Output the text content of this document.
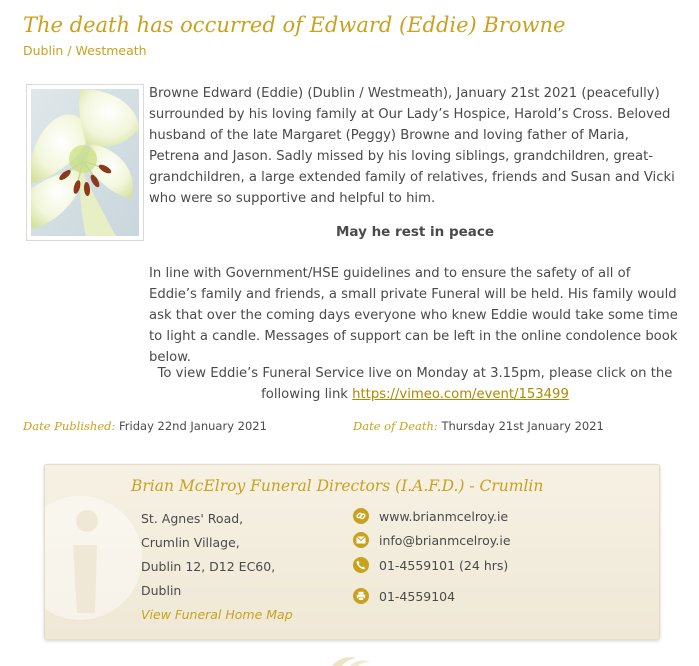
The death has occurred of Edward (Eddie) Browne
Dublin / Westmeath

Browne Edward (Eddie) (Dublin / Westmeath), January 21st 2021 (peacefully) surrounded by his loving family at Our Lady’s Hospice, Harold’s Cross. Beloved husband of the late Margaret (Peggy) Browne and loving father of Maria, Petrena and Jason. Sadly missed by his loving siblings, grandchildren, great-grandchildren, a large extended family of relatives, friends and Susan and Vicki who were so supportive and helpful to him.

May he rest in peace

In line with Government/HSE guidelines and to ensure the safety of all of Eddie’s family and friends, a small private Funeral will be held. His family would ask that over the coming days everyone who knew Eddie would take some time to light a candle. Messages of support can be left in the online condolence book below.

To view Eddie’s Funeral Service live on Monday at 3.15pm, please click on the following link https://vimeo.com/event/153499

Date Published: Friday 22nd January 2021	Date of Death: Thursday 21st January 2021
Brian McElroy Funeral Directors (I.A.F.D.) - Crumlin
St. Agnes' Road,
Crumlin Village,
Dublin 12, D12 EC60,
Dublin
View Funeral Home Map
www.brianmcelroy.ie
info@brianmcelroy.ie
01-4559101 (24 hrs)
01-4559104
